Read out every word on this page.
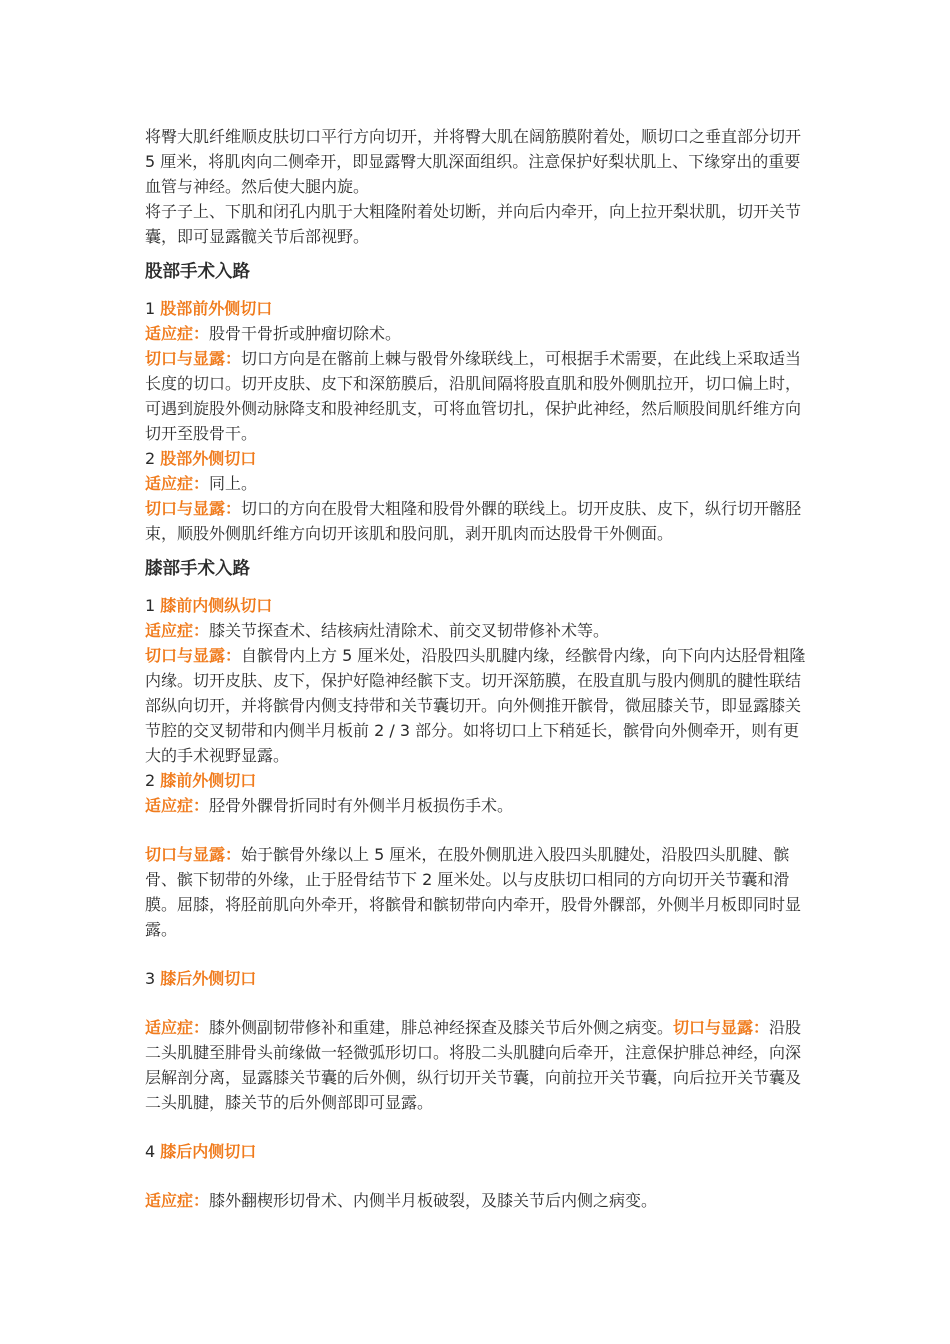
将臀大肌纤维顺皮肤切口平行方向切开，并将臀大肌在阔筋膜附着处，顺切口之垂直部分切开 5 厘米，将肌肉向二侧牵开，即显露臀大肌深面组织。注意保护好梨状肌上、下缘穿出的重要血管与神经。然后使大腿内旋。

将子子上、下肌和闭孔内肌于大粗隆附着处切断，并向后内牵开，向上拉开梨状肌，切开关节囊，即可显露髋关节后部视野。

股部手术入路

1 股部前外侧切口

适应症：股骨干骨折或肿瘤切除术。

切口与显露：切口方向是在髂前上棘与骰骨外缘联线上，可根据手术需要，在此线上采取适当长度的切口。切开皮肤、皮下和深筋膜后，沿肌间隔将股直肌和股外侧肌拉开，切口偏上时，可遇到旋股外侧动脉降支和股神经肌支，可将血管切扎，保护此神经，然后顺股间肌纤维方向切开至股骨干。

2 股部外侧切口

适应症：同上。

切口与显露：切口的方向在股骨大粗隆和股骨外髁的联线上。切开皮肤、皮下，纵行切开髂胫束，顺股外侧肌纤维方向切开该肌和股问肌，剥开肌肉而达股骨干外侧面。

膝部手术入路

1 膝前内侧纵切口

适应症：膝关节探查术、结核病灶清除术、前交叉韧带修补术等。

切口与显露：自髌骨内上方 5 厘米处，沿股四头肌腱内缘，经髌骨内缘，向下向内达胫骨粗隆内缘。切开皮肤、皮下，保护好隐神经髌下支。切开深筋膜，在股直肌与股内侧肌的腱性联结部纵向切开，并将髌骨内侧支持带和关节囊切开。向外侧推开髌骨，微屈膝关节，即显露膝关节腔的交叉韧带和内侧半月板前 2 / 3 部分。如将切口上下稍延长，髌骨向外侧牵开，则有更大的手术视野显露。

2 膝前外侧切口

适应症：胫骨外髁骨折同时有外侧半月板损伤手术。

切口与显露：始于髌骨外缘以上 5 厘米，在股外侧肌进入股四头肌腱处，沿股四头肌腱、髌骨、髌下韧带的外缘，止于胫骨结节下 2 厘米处。以与皮肤切口相同的方向切开关节囊和滑膜。屈膝，将胫前肌向外牵开，将髌骨和髌韧带向内牵开，股骨外髁部，外侧半月板即同时显露。

3 膝后外侧切口

适应症：膝外侧副韧带修补和重建，腓总神经探查及膝关节后外侧之病变。切口与显露：沿股二头肌腱至腓骨头前缘做一轻微弧形切口。将股二头肌腱向后牵开，注意保护腓总神经，向深层解剖分离，显露膝关节囊的后外侧，纵行切开关节囊，向前拉开关节囊，向后拉开关节囊及二头肌腱，膝关节的后外侧部即可显露。

4 膝后内侧切口

适应症：膝外翻楔形切骨术、内侧半月板破裂，及膝关节后内侧之病变。
